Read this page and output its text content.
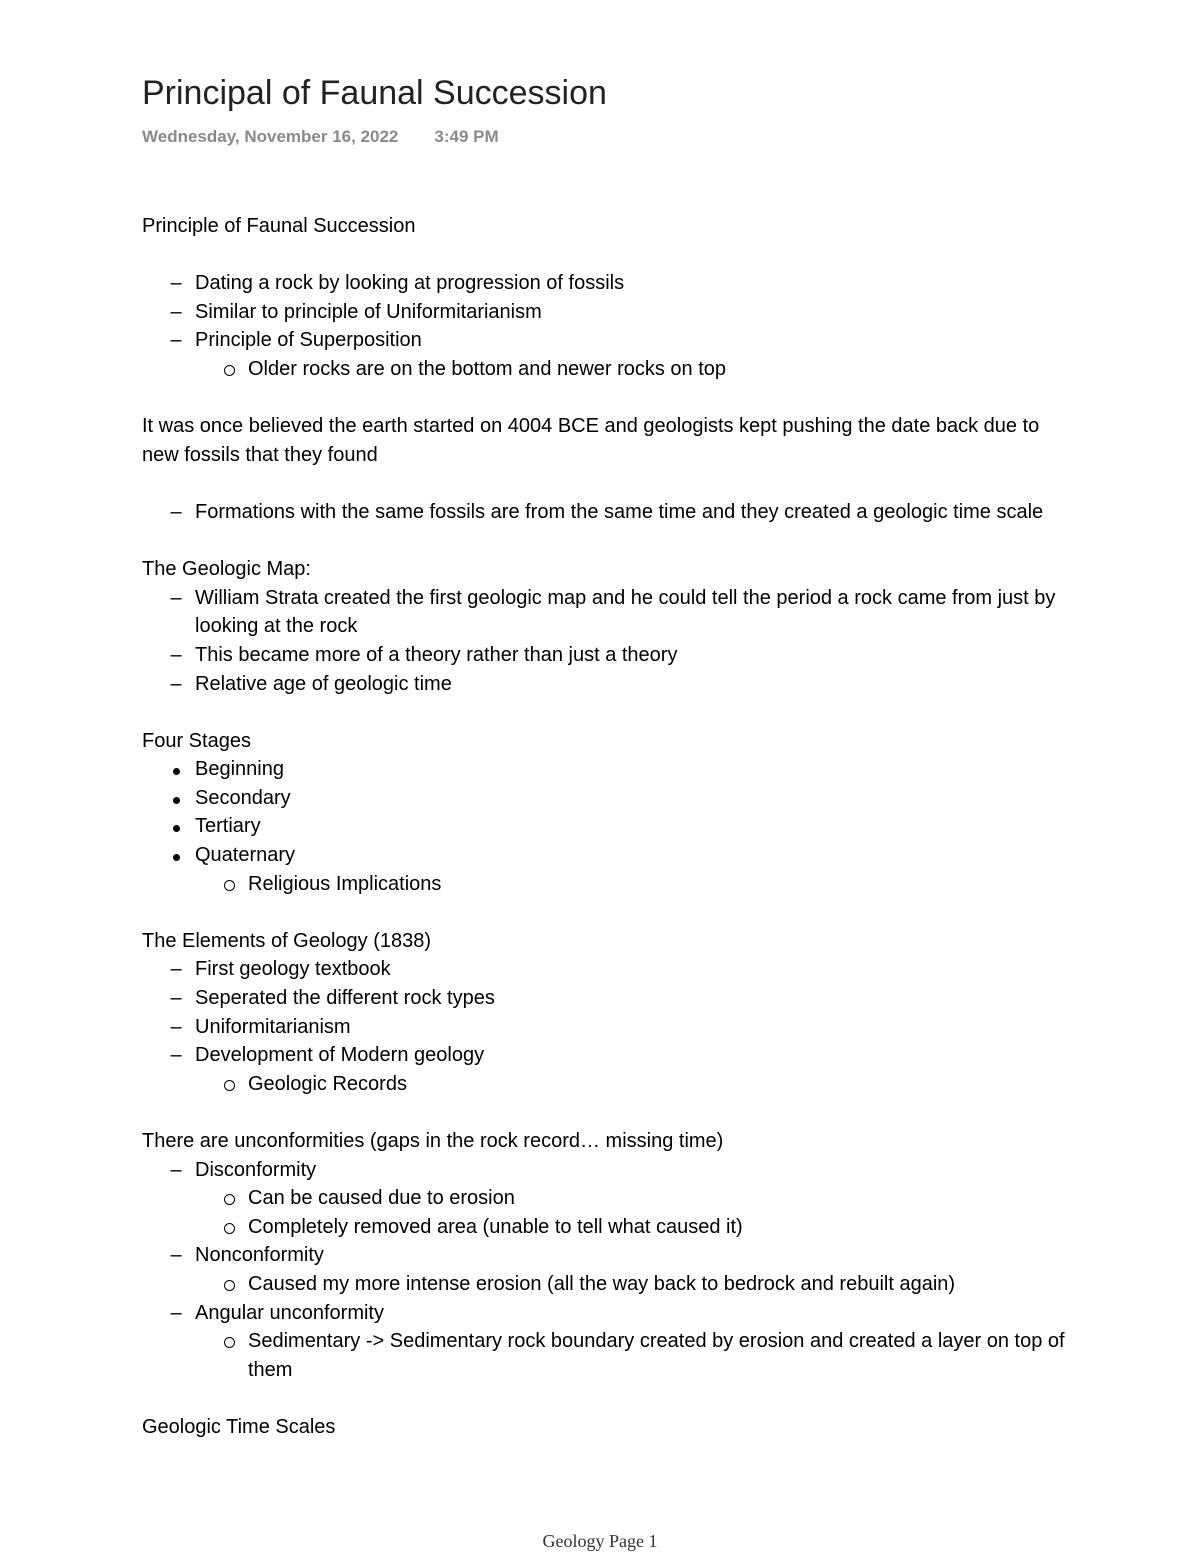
Principal of Faunal Succession
Wednesday, November 16, 2022 3:49 PM
Principle of Faunal Succession
– Dating a rock by looking at progression of fossils
– Similar to principle of Uniformitarianism
– Principle of Superposition
Older rocks are on the bottom and newer rocks on top
It was once believed the earth started on 4004 BCE and geologists kept pushing the date back due to new fossils that they found
– Formations with the same fossils are from the same time and they created a geologic time scale
The Geologic Map:
– William Strata created the first geologic map and he could tell the period a rock came from just by looking at the rock
– This became more of a theory rather than just a theory
– Relative age of geologic time
Four Stages
Beginning
Secondary
Tertiary
Quaternary
Religious Implications
The Elements of Geology (1838)
– First geology textbook
– Seperated the different rock types
– Uniformitarianism
– Development of Modern geology
Geologic Records
There are unconformities (gaps in the rock record… missing time)
– Disconformity
Can be caused due to erosion
Completely removed area (unable to tell what caused it)
– Nonconformity
Caused my more intense erosion (all the way back to bedrock and rebuilt again)
– Angular unconformity
Sedimentary -> Sedimentary rock boundary created by erosion and created a layer on top of them
Geologic Time Scales
Geology Page 1
